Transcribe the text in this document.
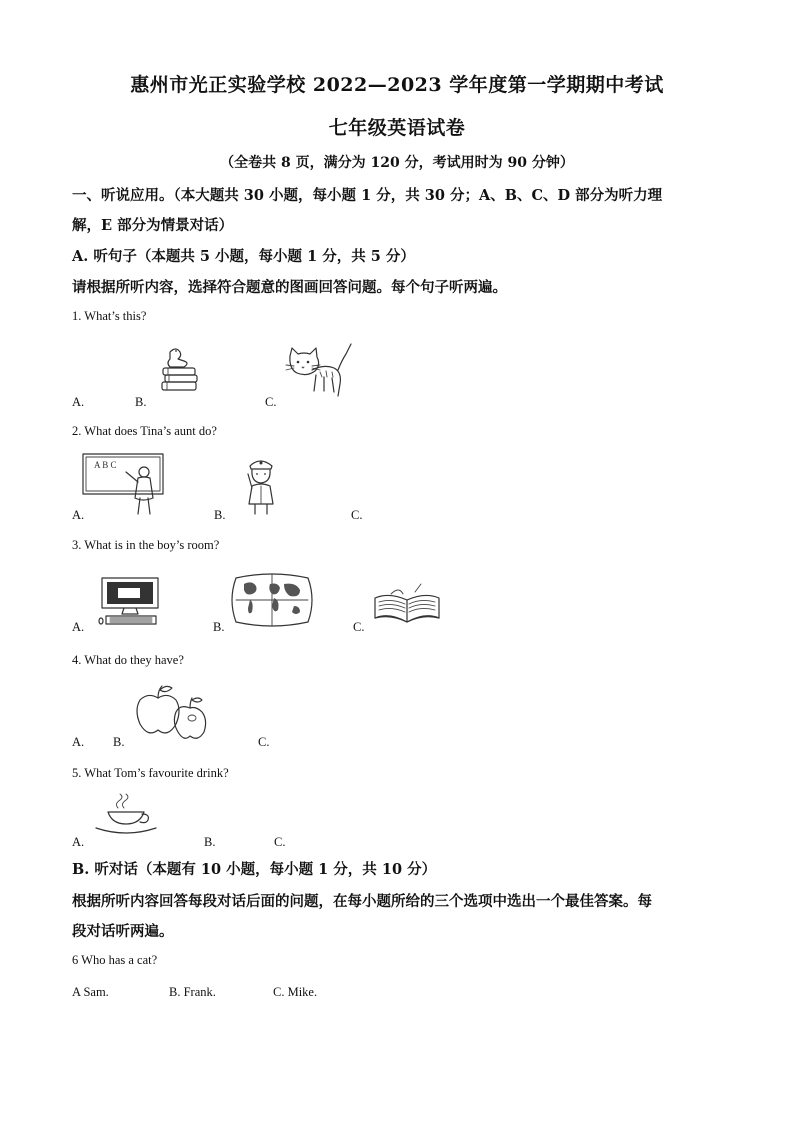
惠州市光正实验学校 2022—2023 学年度第一学期期中考试
七年级英语试卷
（全卷共 8 页，满分为 120 分，考试用时为 90 分钟）
一、听说应用。（本大题共 30 小题，每小题 1 分，共 30 分；A、B、C、D 部分为听力理
解，E 部分为情景对话）
A. 听句子（本题共 5 小题，每小题 1 分，共 5 分）
请根据所听内容，选择符合题意的图画回答问题。每个句子听两遍。
1. What’s this?
A.	B.	C.
2. What does Tina’s aunt do?
A.	B.	C.
A B C
3. What is in the boy’s room?
A.	B.	C.
4. What do they have?
A. B.	C.
5. What Tom’s favourite drink?
A.	B.	C.
B. 听对话（本题有 10 小题，每小题 1 分，共 10 分）
根据所听内容回答每段对话后面的问题，在每小题所给的三个选项中选出一个最佳答案。每
段对话听两遍。
6 Who has a cat?
A Sam.	B. Frank.	C. Mike.
